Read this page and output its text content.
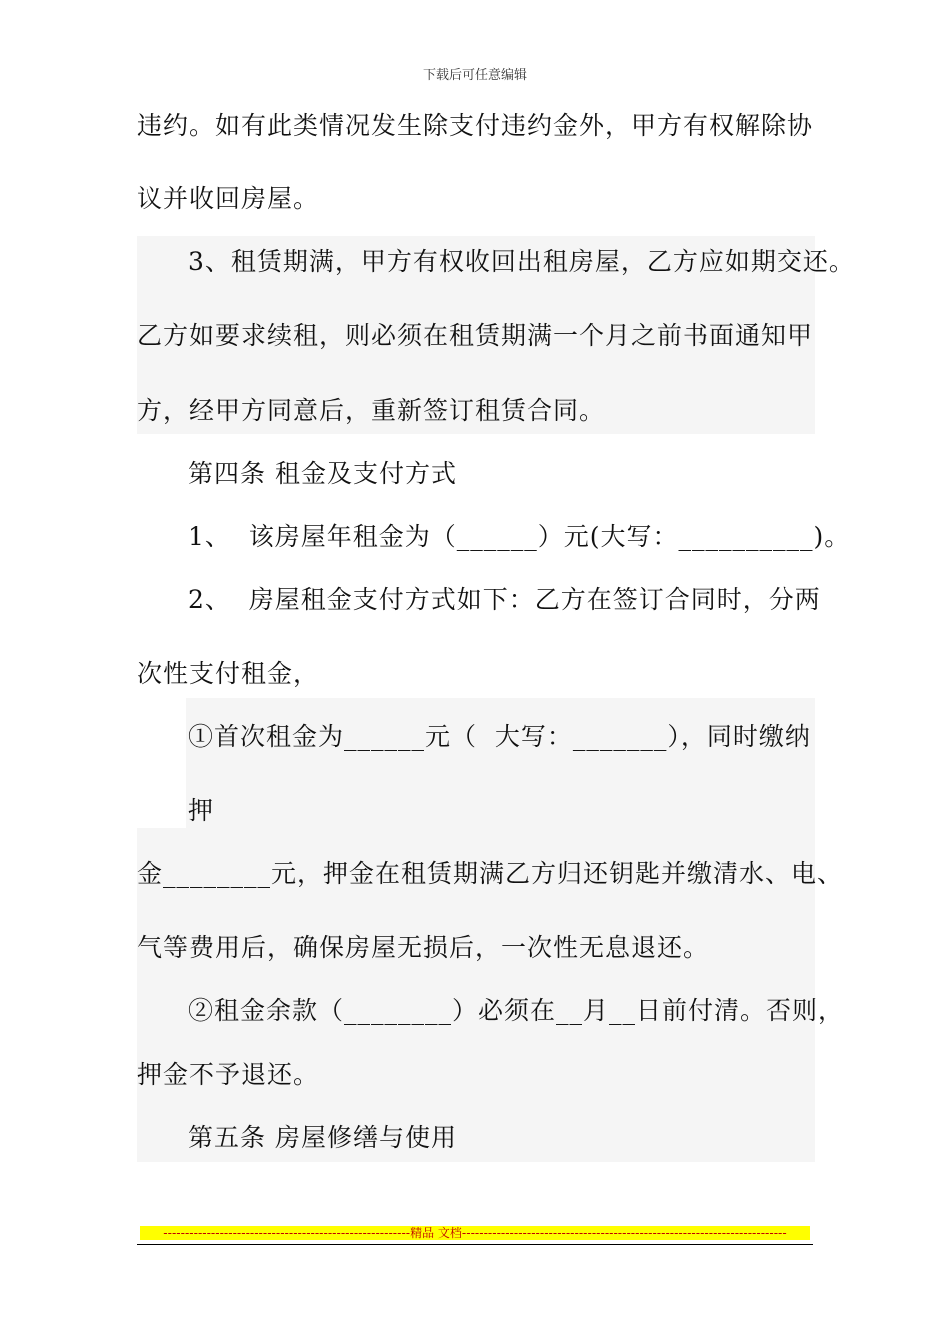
下载后可任意编辑
违约。如有此类情况发生除支付违约金外，甲方有权解除协
议并收回房屋。
3、租赁期满，甲方有权收回出租房屋，乙方应如期交还。
乙方如要求续租，则必须在租赁期满一个月之前书面通知甲
方，经甲方同意后，重新签订租赁合同。
第四条 租金及支付方式
1、  该房屋年租金为（______）元(大写：__________)。
2、  房屋租金支付方式如下：乙方在签订合同时，分两
次性支付租金，
①首次租金为______元（  大写：_______），同时缴纳
押
金________元，押金在租赁期满乙方归还钥匙并缴清水、电、
气等费用后，确保房屋无损后，一次性无息退还。
②租金余款（________）必须在__月__日前付清。否则，
押金不予退还。
第五条 房屋修缮与使用
---------------------------------------------------------精品 文档---------------------------------------------------------------------------
